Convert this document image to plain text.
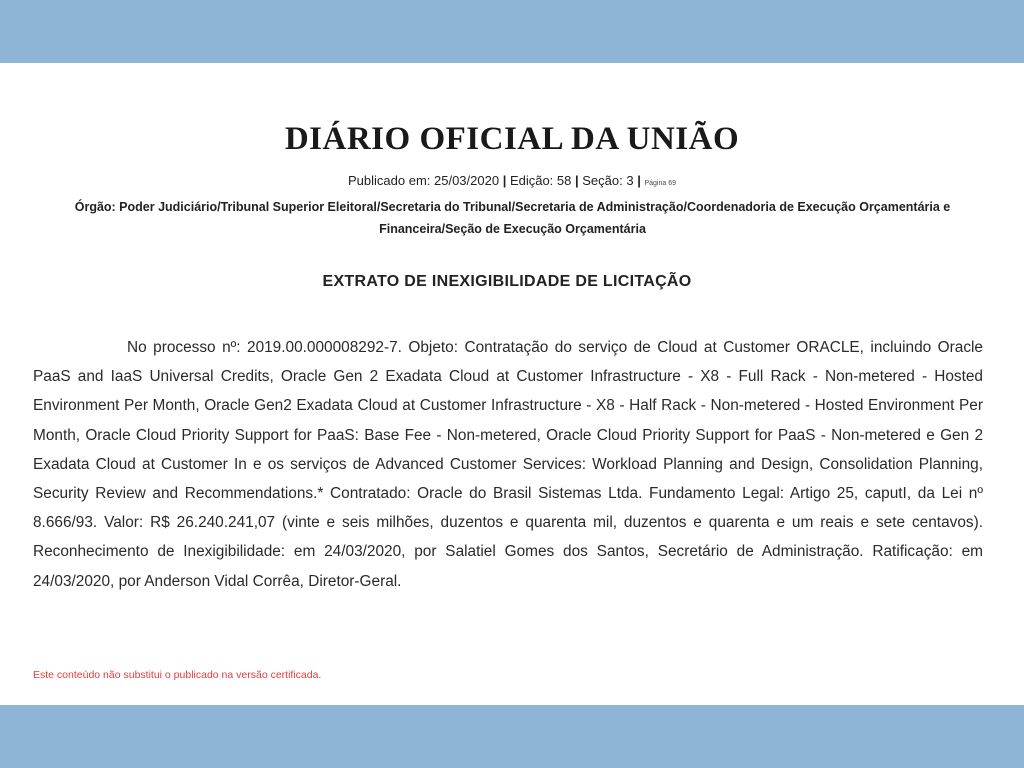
DIÁRIO OFICIAL DA UNIÃO
Publicado em: 25/03/2020 | Edição: 58 | Seção: 3 | Página 69
Órgão: Poder Judiciário/Tribunal Superior Eleitoral/Secretaria do Tribunal/Secretaria de Administração/Coordenadoria de Execução Orçamentária e Financeira/Seção de Execução Orçamentária
EXTRATO DE INEXIGIBILIDADE DE LICITAÇÃO
No processo nº: 2019.00.000008292-7. Objeto: Contratação do serviço de Cloud at Customer ORACLE, incluindo Oracle PaaS and IaaS Universal Credits, Oracle Gen 2 Exadata Cloud at Customer Infrastructure - X8 - Full Rack - Non-metered - Hosted Environment Per Month, Oracle Gen2 Exadata Cloud at Customer Infrastructure - X8 - Half Rack - Non-metered - Hosted Environment Per Month, Oracle Cloud Priority Support for PaaS: Base Fee - Non-metered, Oracle Cloud Priority Support for PaaS - Non-metered e Gen 2 Exadata Cloud at Customer In e os serviços de Advanced Customer Services: Workload Planning and Design, Consolidation Planning, Security Review and Recommendations.* Contratado: Oracle do Brasil Sistemas Ltda. Fundamento Legal: Artigo 25, caputI, da Lei nº 8.666/93. Valor: R$ 26.240.241,07 (vinte e seis milhões, duzentos e quarenta mil, duzentos e quarenta e um reais e sete centavos). Reconhecimento de Inexigibilidade: em 24/03/2020, por Salatiel Gomes dos Santos, Secretário de Administração. Ratificação: em 24/03/2020, por Anderson Vidal Corrêa, Diretor-Geral.
Este conteúdo não substitui o publicado na versão certificada.
